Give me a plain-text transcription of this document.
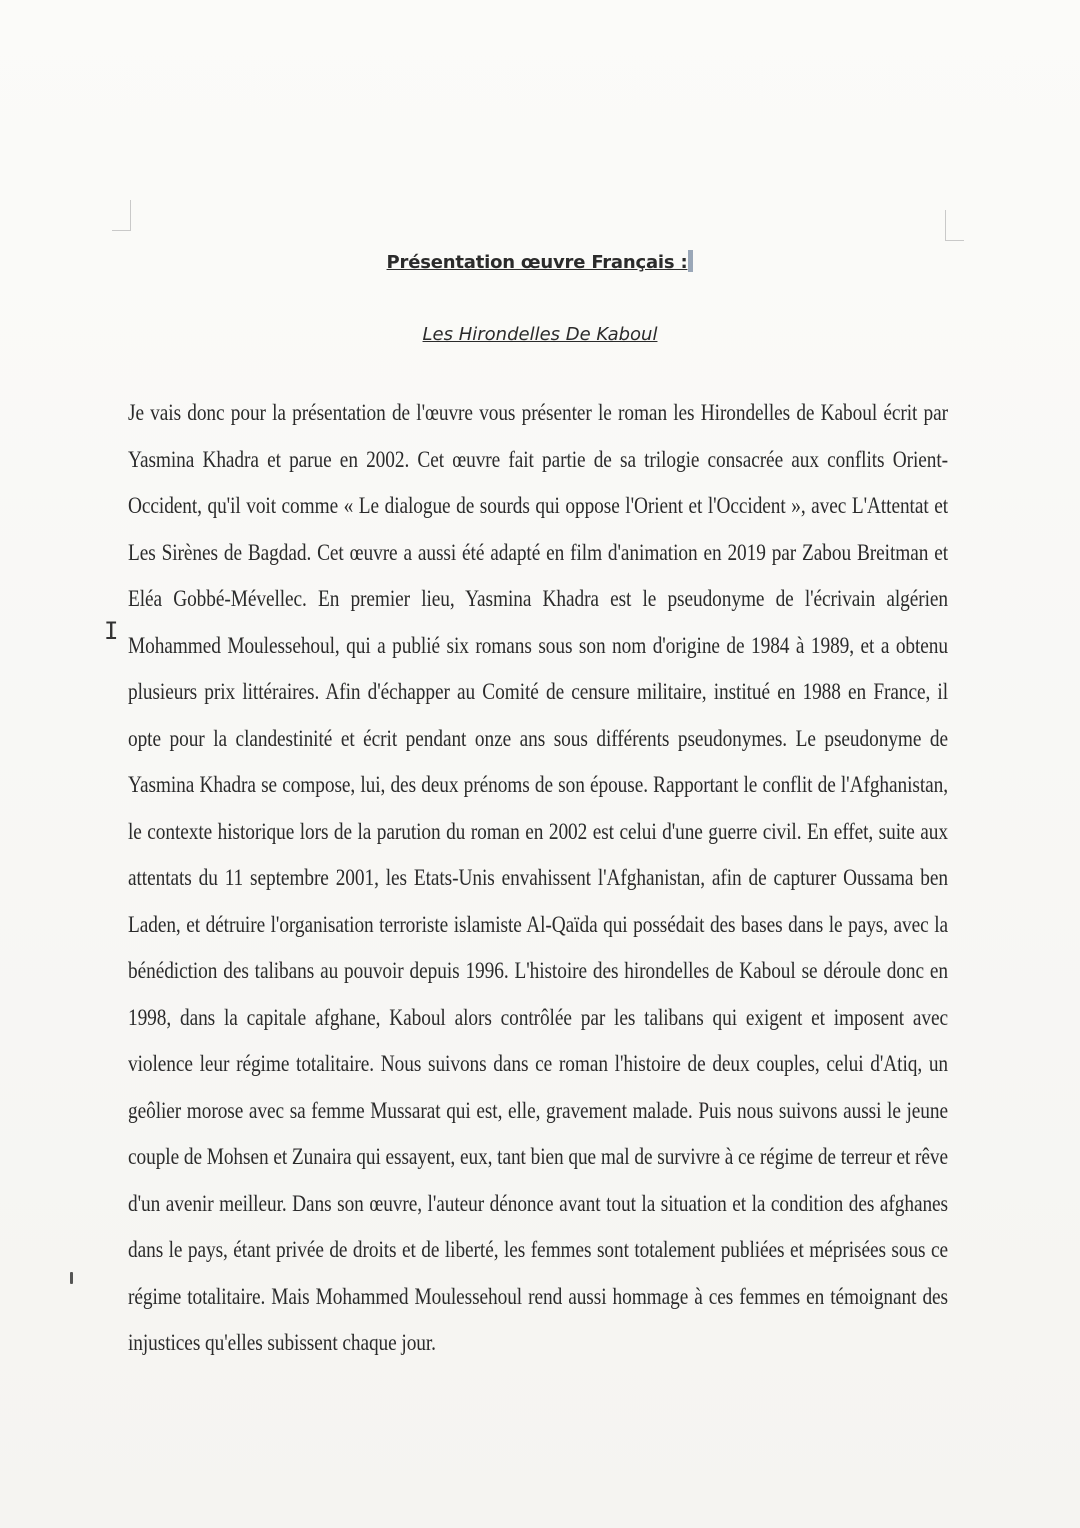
Présentation œuvre Français :
Les Hirondelles De Kaboul
I
Je vais donc pour la présentation de l'œuvre vous présenter le roman les Hirondelles de Kaboul écrit par Yasmina Khadra et parue en 2002. Cet œuvre fait partie de sa trilogie consacrée aux conflits Orient-Occident, qu'il voit comme « Le dialogue de sourds qui oppose l'Orient et l'Occident », avec L'Attentat et Les Sirènes de Bagdad. Cet œuvre a aussi été adapté en film d'animation en 2019 par Zabou Breitman et Eléa Gobbé-Mévellec. En premier lieu, Yasmina Khadra est le pseudonyme de l'écrivain algérien Mohammed Moulessehoul, qui a publié six romans sous son nom d'origine de 1984 à 1989, et a obtenu plusieurs prix littéraires. Afin d'échapper au Comité de censure militaire, institué en 1988 en France, il opte pour la clandestinité et écrit pendant onze ans sous différents pseudonymes. Le pseudonyme de Yasmina Khadra se compose, lui, des deux prénoms de son épouse. Rapportant le conflit de l'Afghanistan, le contexte historique lors de la parution du roman en 2002 est celui d'une guerre civil. En effet, suite aux attentats du 11 septembre 2001, les Etats-Unis envahissent l'Afghanistan, afin de capturer Oussama ben Laden, et détruire l'organisation terroriste islamiste Al-Qaïda qui possédait des bases dans le pays, avec la bénédiction des talibans au pouvoir depuis 1996. L'histoire des hirondelles de Kaboul se déroule donc en 1998, dans la capitale afghane, Kaboul alors contrôlée par les talibans qui exigent et imposent avec violence leur régime totalitaire. Nous suivons dans ce roman l'histoire de deux couples, celui d'Atiq, un geôlier morose avec sa femme Mussarat qui est, elle, gravement malade. Puis nous suivons aussi le jeune couple de Mohsen et Zunaira qui essayent, eux, tant bien que mal de survivre à ce régime de terreur et rêve d'un avenir meilleur. Dans son œuvre, l'auteur dénonce avant tout la situation et la condition des afghanes dans le pays, étant privée de droits et de liberté, les femmes sont totalement publiées et méprisées sous ce régime totalitaire. Mais Mohammed Moulessehoul rend aussi hommage à ces femmes en témoignant des injustices qu'elles subissent chaque jour.
